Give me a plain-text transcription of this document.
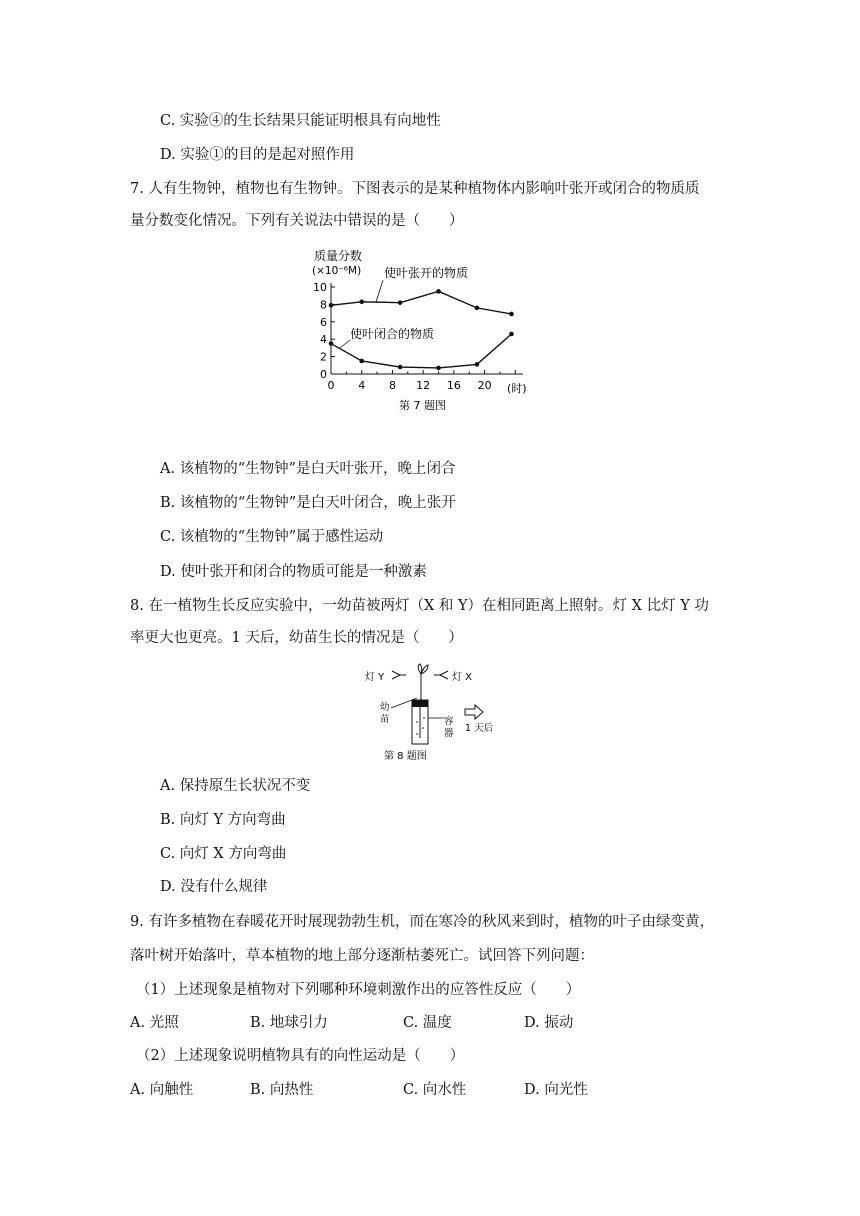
C. 实验④的生长结果只能证明根具有向地性
D. 实验①的目的是起对照作用
7. 人有生物钟，植物也有生物钟。下图表示的是某种植物体内影响叶张开或闭合的物质质
量分数变化情况。下列有关说法中错误的是（　　）
质量分数
(×10⁻⁶M)
0
2
4
6
8
10
0 4 8 12 16 20
使叶张开的物质
使叶闭合的物质
(时)
第 7 题图
A. 该植物的“生物钟”是白天叶张开，晚上闭合
B. 该植物的“生物钟”是白天叶闭合，晚上张开
C. 该植物的“生物钟”属于感性运动
D. 使叶张开和闭合的物质可能是一种激素
8. 在一植物生长反应实验中，一幼苗被两灯（X 和 Y）在相同距离上照射。灯 X 比灯 Y 功
率更大也更亮。1 天后，幼苗生长的情况是（　　）
灯 Y	灯 X
幼
苗	容
器 1 天后
第 8 题图
A. 保持原生长状况不变
B. 向灯 Y 方向弯曲
C. 向灯 X 方向弯曲
D. 没有什么规律
9. 有许多植物在春暖花开时展现勃勃生机，而在寒冷的秋风来到时，植物的叶子由绿变黄，
落叶树开始落叶，草本植物的地上部分逐渐枯萎死亡。试回答下列问题：
（1）上述现象是植物对下列哪种环境刺激作出的应答性反应（　　）
A. 光照	B. 地球引力	C. 温度	D. 振动
（2）上述现象说明植物具有的向性运动是（　　）
A. 向触性	B. 向热性	C. 向水性	D. 向光性
